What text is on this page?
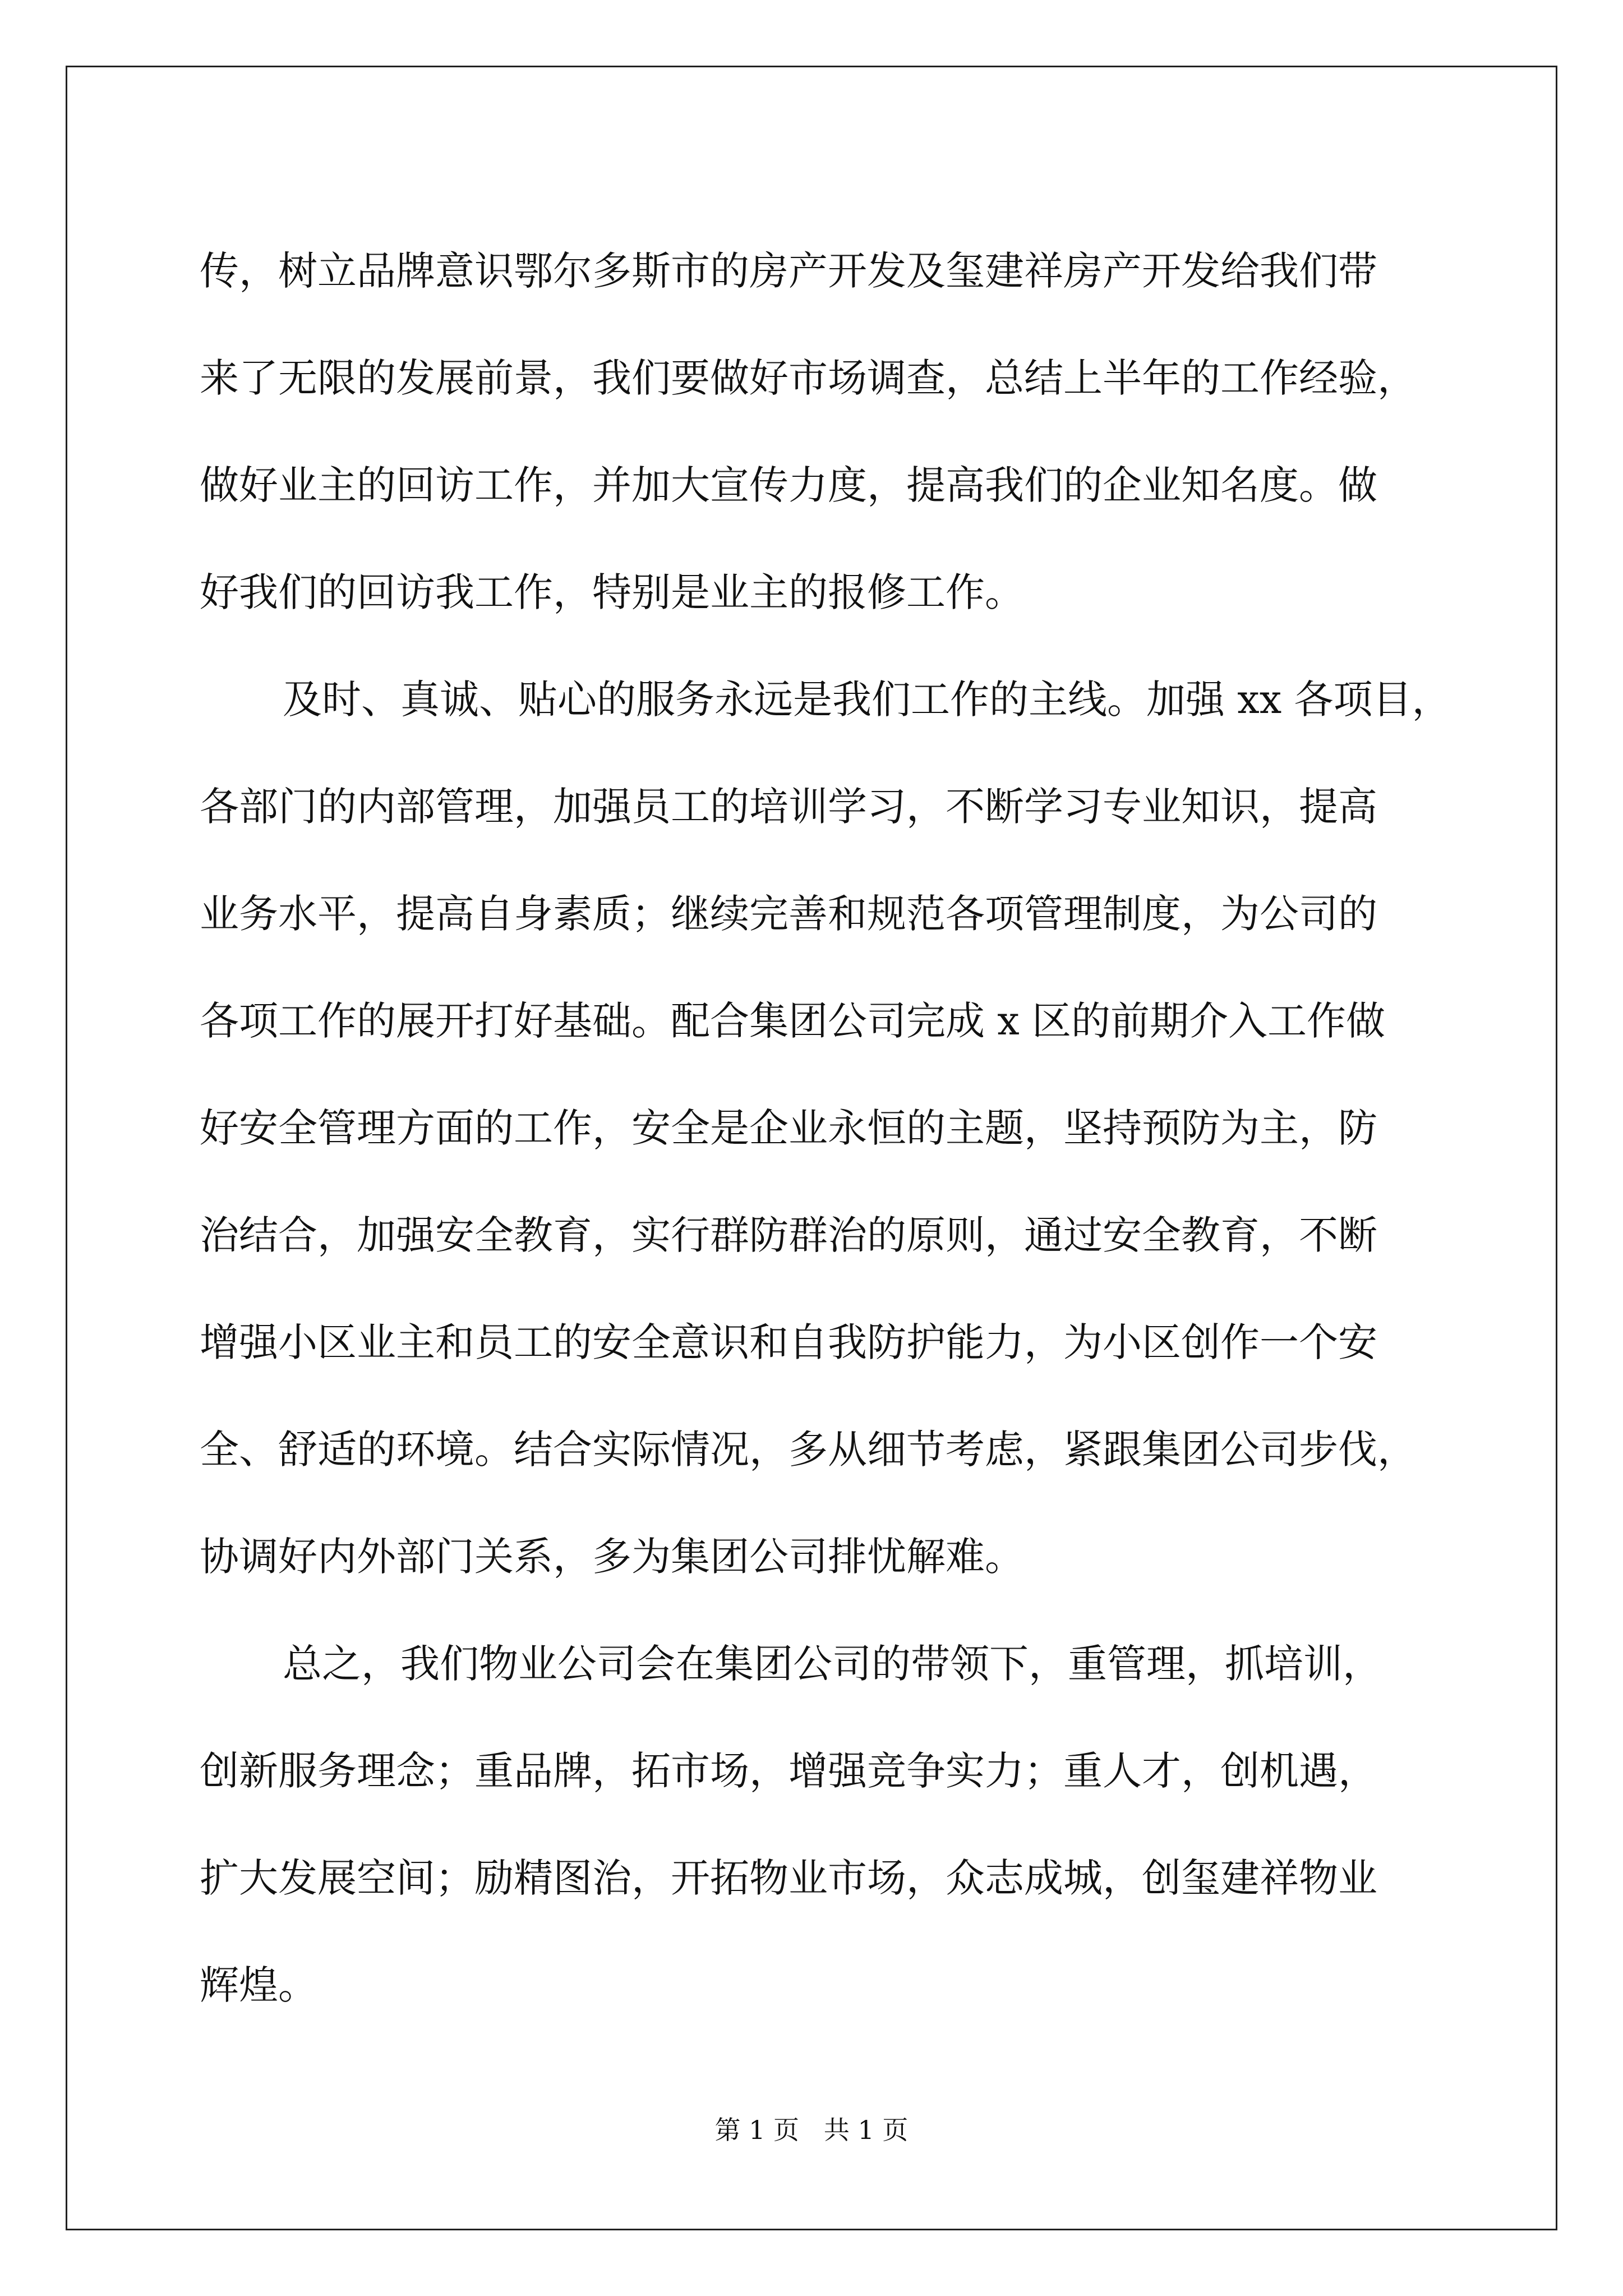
传，树立品牌意识鄂尔多斯市的房产开发及玺建祥房产开发给我们带
来了无限的发展前景，我们要做好市场调查，总结上半年的工作经验，
做好业主的回访工作，并加大宣传力度，提高我们的企业知名度。做
好我们的回访我工作，特别是业主的报修工作。
及时、真诚、贴心的服务永远是我们工作的主线。加强 xx 各项目，
各部门的内部管理，加强员工的培训学习，不断学习专业知识，提高
业务水平，提高自身素质；继续完善和规范各项管理制度，为公司的
各项工作的展开打好基础。配合集团公司完成 x 区的前期介入工作做
好安全管理方面的工作，安全是企业永恒的主题，坚持预防为主，防
治结合，加强安全教育，实行群防群治的原则，通过安全教育，不断
增强小区业主和员工的安全意识和自我防护能力，为小区创作一个安
全、舒适的环境。结合实际情况，多从细节考虑，紧跟集团公司步伐，
协调好内外部门关系，多为集团公司排忧解难。
总之，我们物业公司会在集团公司的带领下，重管理，抓培训，
创新服务理念；重品牌，拓市场，增强竞争实力；重人才，创机遇，
扩大发展空间；励精图治，开拓物业市场，众志成城，创玺建祥物业
辉煌。
第 1 页   共 1 页
